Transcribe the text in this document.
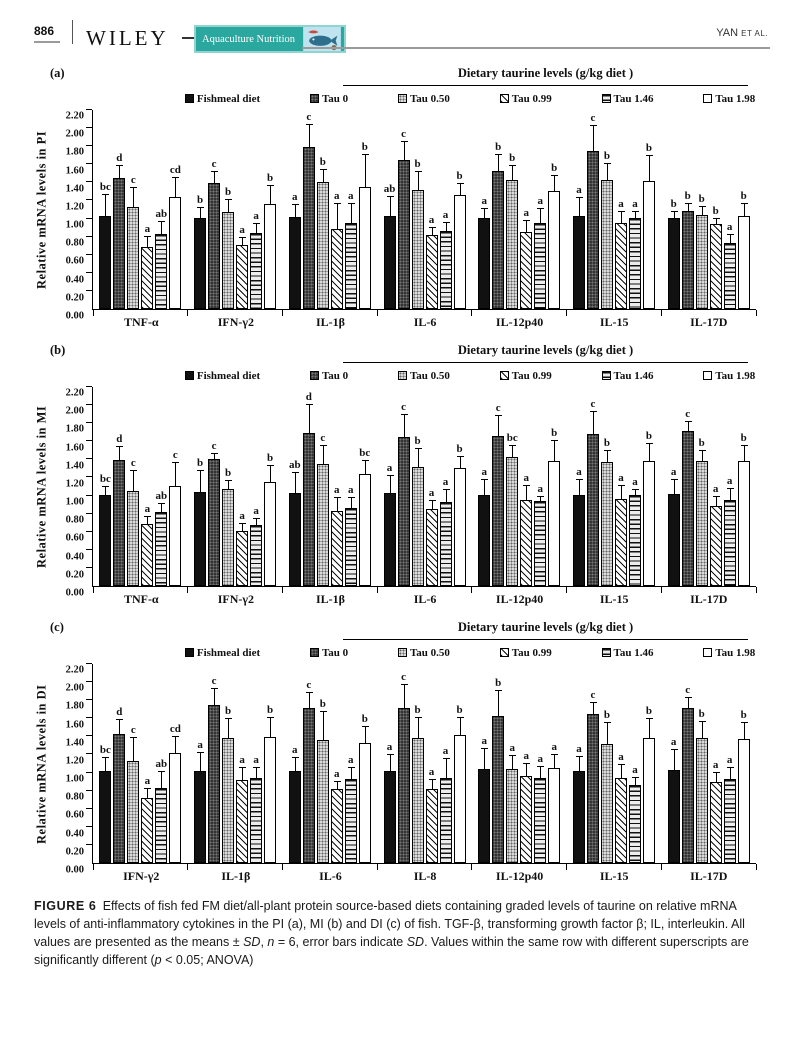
886 WILEY	Aquaculture Nutrition	YAN ET AL.
(a)	Dietary taurine levels (g/kg diet )
Fishmeal diet	Tau 0	Tau 0.50	Tau 0.99	Tau 1.46	Tau 1.98
Relative mRNA levels in PI
0.00
0.20
0.40
0.60
0.80
1.00
1.20
1.40
1.60
1.80
2.00
2.20
bc
d
c
a
ab
cd
b
c
b
a
a
b
a
c
b
a a
b
ab
c
b
a a
b
a
b
b
a
a
b
a
c
b
a a
b
b
b b
b
a
b
TNF-α	IFN-γ2	IL-1β	IL-6	IL-12p40	IL-15	IL-17D
(b)	Dietary taurine levels (g/kg diet )
Fishmeal diet	Tau 0	Tau 0.50	Tau 0.99	Tau 1.46	Tau 1.98
Relative mRNA levels in MI
0.00
0.20
0.40
0.60
0.80
1.00
1.20
1.40
1.60
1.80
2.00
2.20
bc
d
c
a
ab
c
b
c
b
a a
b
ab
d
c
a a
bc
a
c
b
a
a
b
a
c
bc
a
a
b
a
c
b
a a
b
a
c
b
a
a
b
TNF-α	IFN-γ2	IL-1β	IL-6	IL-12p40	IL-15	IL-17D
(c)	Dietary taurine levels (g/kg diet )
Fishmeal diet	Tau 0	Tau 0.50	Tau 0.99	Tau 1.46	Tau 1.98
Relative mRNA levels in DI
0.00
0.20
0.40
0.60
0.80
1.00
1.20
1.40
1.60
1.80
2.00
2.20
bc
d
c
a
ab
cd
a
c
b
a a
b
a
c
b
a
a
b
a
c
b
a
a
b
a
b
a
a a
a a
c
b
a
a
b
a
c
b
a a
b
IFN-γ2	IL-1β	IL-6	IL-8	IL-12p40	IL-15	IL-17D

FIGURE 6 Effects of fish fed FM diet/all-plant protein source-based diets containing graded levels of taurine on relative mRNA levels of anti-inflammatory cytokines in the PI (a), MI (b) and DI (c) of fish. TGF-β, transforming growth factor β; IL, interleukin. All values are presented as the means ± SD, n = 6, error bars indicate SD. Values within the same row with different superscripts are significantly different (p < 0.05; ANOVA)
